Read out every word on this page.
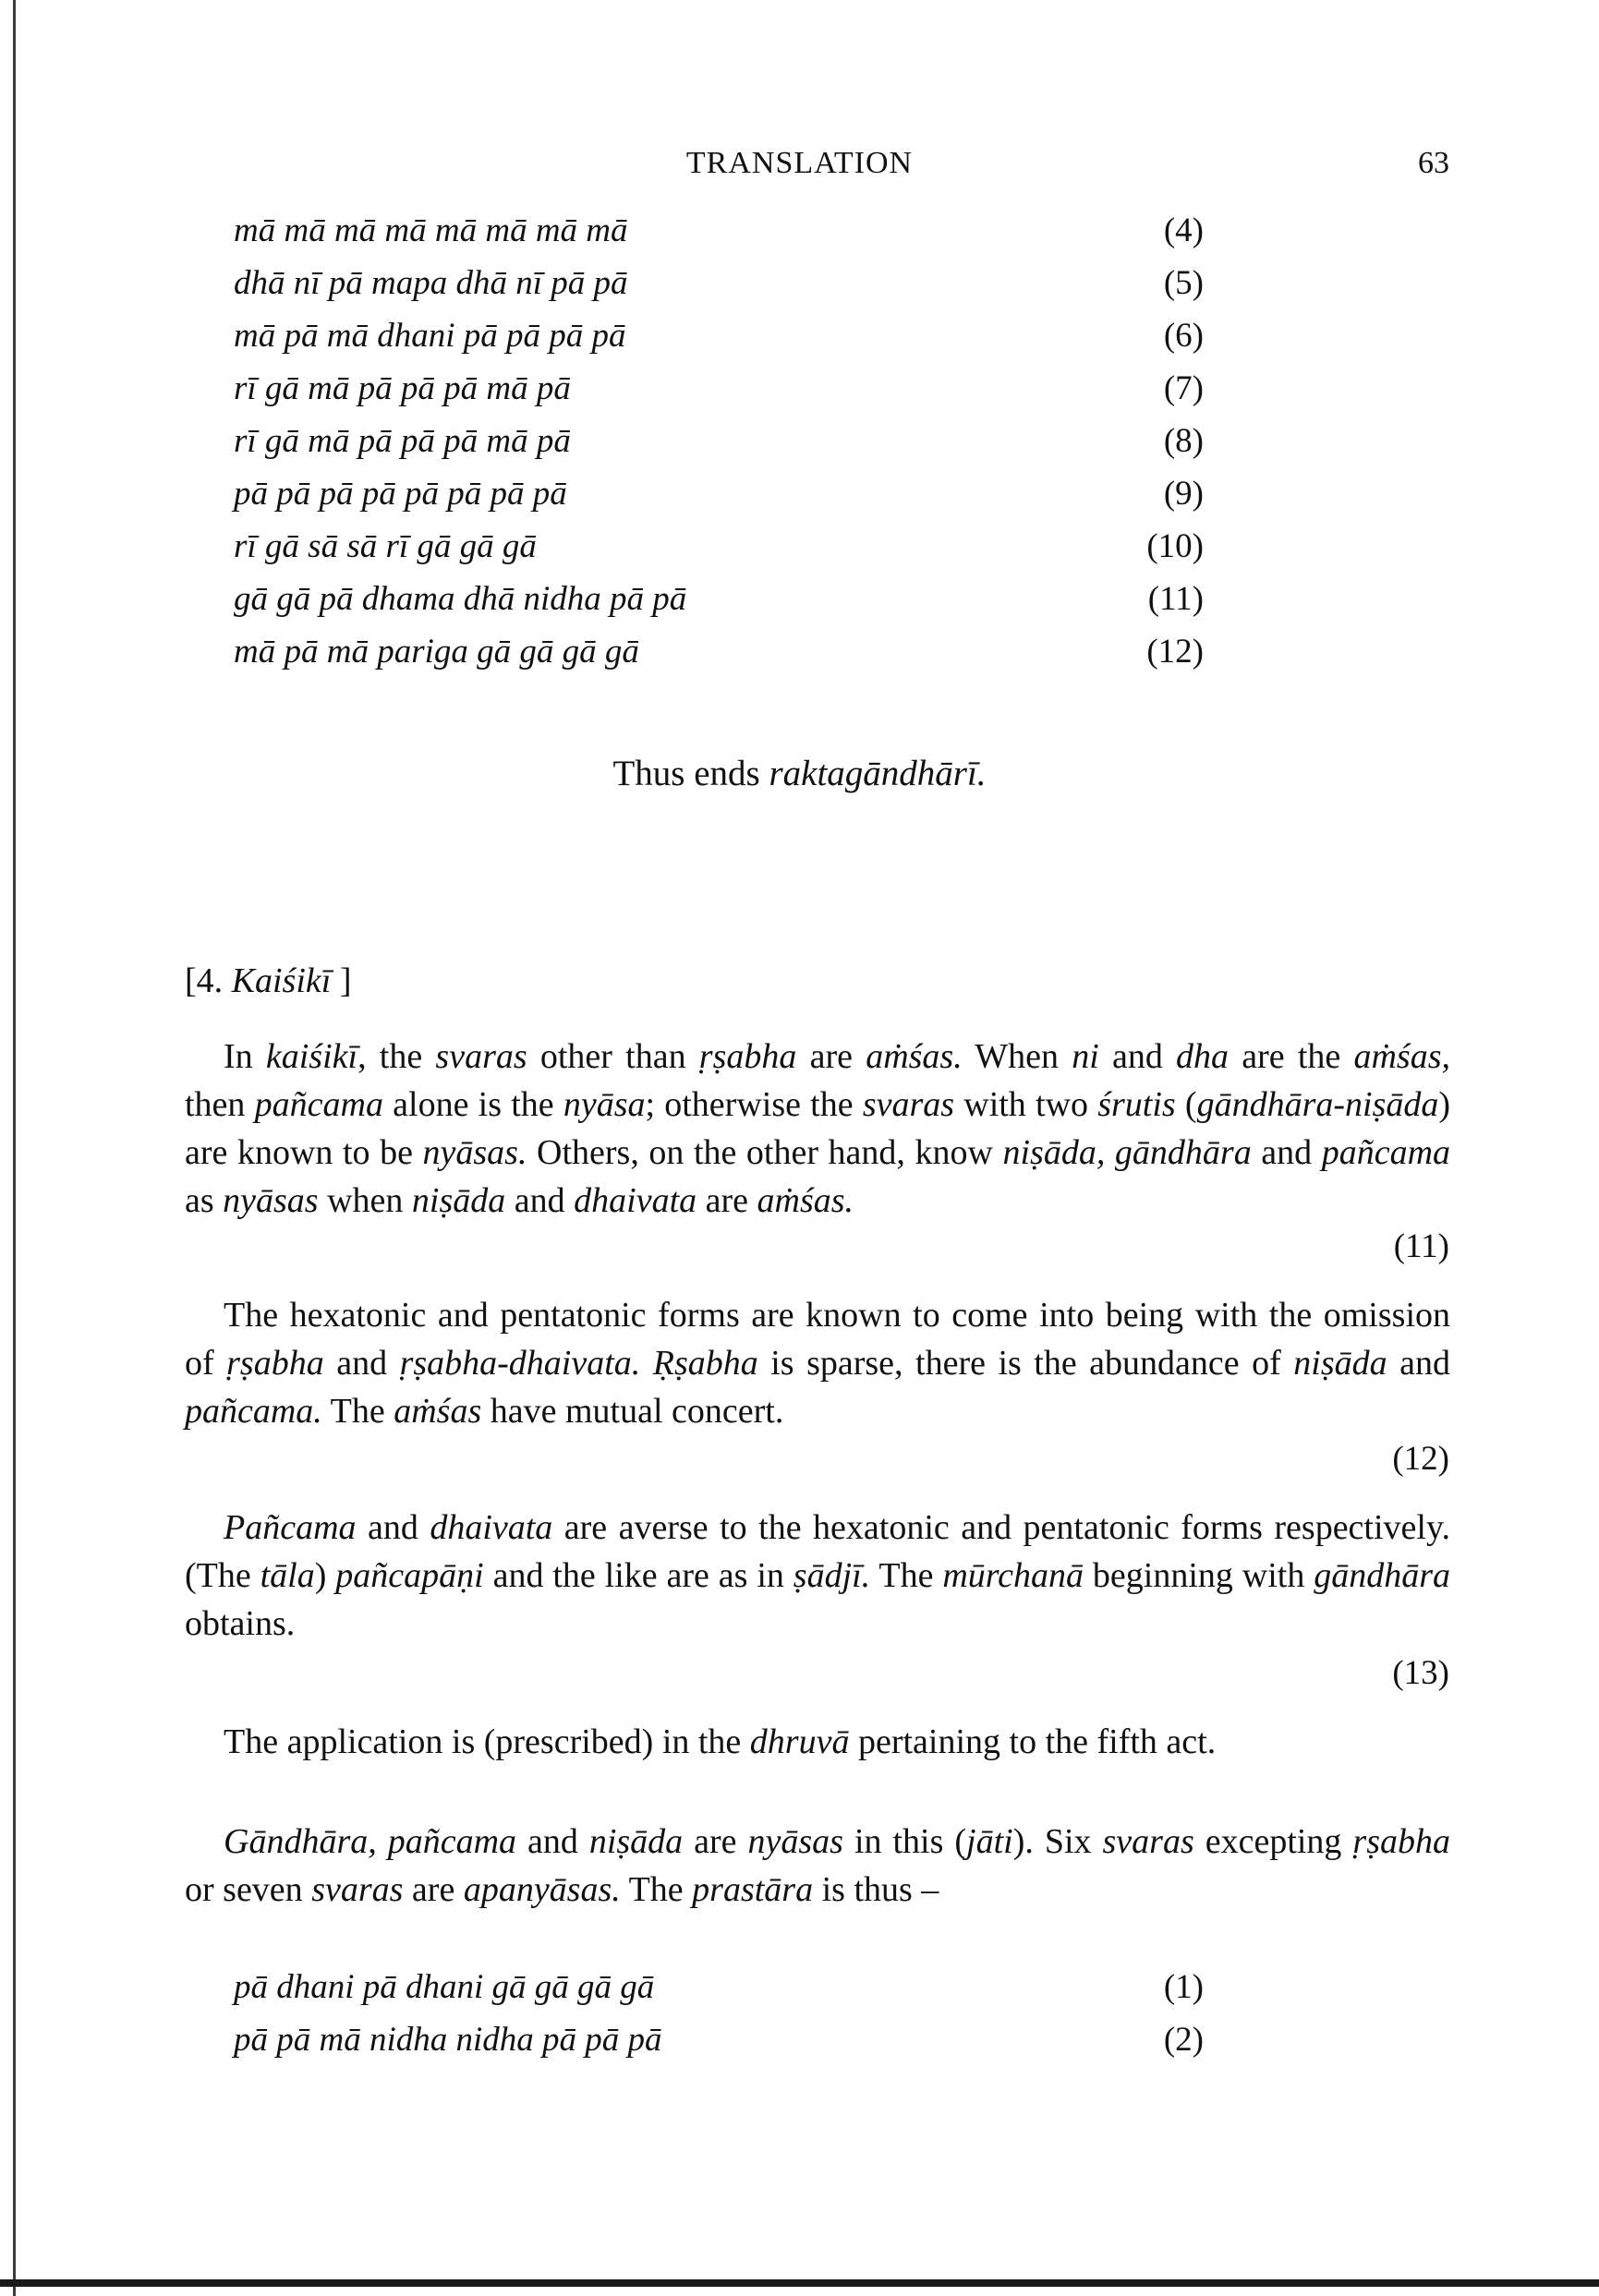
TRANSLATION	63
mā mā mā mā mā mā mā mā	(4)
dhā nī pā mapa dhā nī pā pā	(5)
mā pā mā dhani pā pā pā pā	(6)
rī gā mā pā pā pā mā pā	(7)
rī gā mā pā pā pā mā pā	(8)
pā pā pā pā pā pā pā pā	(9)
rī gā sā sā rī gā gā gā	(10)
gā gā pā dhama dhā nidha pā pā	(11)
mā pā mā pariga gā gā gā gā	(12)
Thus ends raktagāndhārī.
[4. Kaiśikī ]
In kaiśikī, the svaras other than ṛṣabha are aṁśas. When ni and dha are the aṁśas, then pañcama alone is the nyāsa; otherwise the svaras with two śrutis (gāndhāra-niṣāda) are known to be nyāsas. Others, on the other hand, know niṣāda, gāndhāra and pañcama as nyāsas when niṣāda and dhaivata are aṁśas.
(11)
The hexatonic and pentatonic forms are known to come into being with the omission of ṛṣabha and ṛṣabha-dhaivata. Ṛṣabha is sparse, there is the abundance of niṣāda and pañcama. The aṁśas have mutual concert.
(12)
Pañcama and dhaivata are averse to the hexatonic and pentatonic forms respectively. (The tāla) pañcapāṇi and the like are as in ṣādjī. The mūrchanā beginning with gāndhāra obtains.
(13)
The application is (prescribed) in the dhruvā pertaining to the fifth act.
Gāndhāra, pañcama and niṣāda are nyāsas in this (jāti). Six svaras excepting ṛṣabha or seven svaras are apanyāsas. The prastāra is thus –
pā dhani pā dhani gā gā gā gā	(1)
pā pā mā nidha nidha pā pā pā	(2)
